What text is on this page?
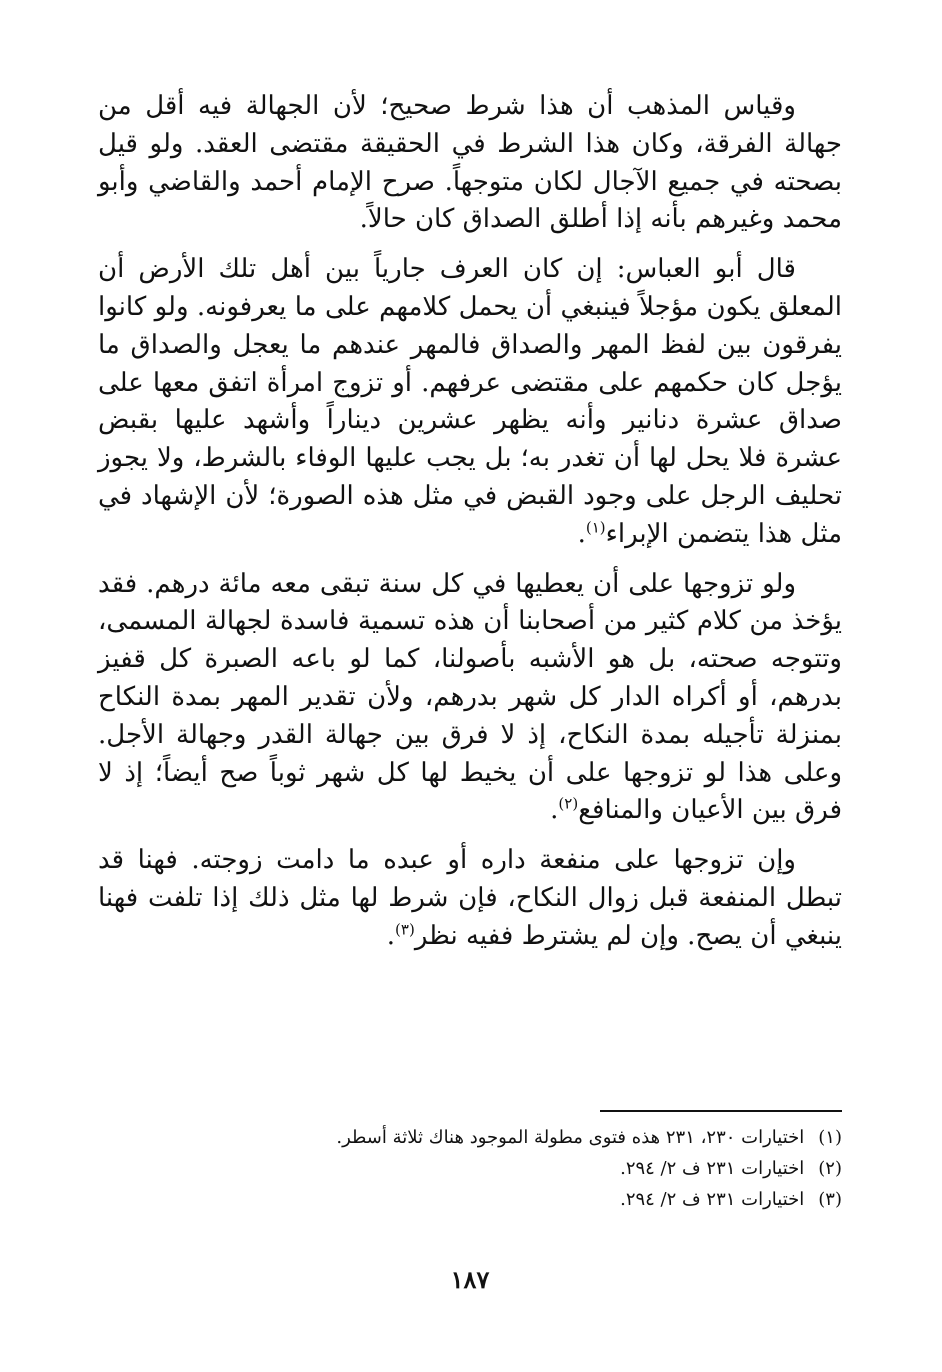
وقياس المذهب أن هذا شرط صحيح؛ لأن الجهالة فيه أقل من جهالة الفرقة، وكان هذا الشرط في الحقيقة مقتضى العقد. ولو قيل بصحته في جميع الآجال لكان متوجهاً. صرح الإمام أحمد والقاضي وأبو محمد وغيرهم بأنه إذا أطلق الصداق كان حالاً.

قال أبو العباس: إن كان العرف جارياً بين أهل تلك الأرض أن المعلق يكون مؤجلاً فينبغي أن يحمل كلامهم على ما يعرفونه. ولو كانوا يفرقون بين لفظ المهر والصداق فالمهر عندهم ما يعجل والصداق ما يؤجل كان حكمهم على مقتضى عرفهم. أو تزوج امرأة اتفق معها على صداق عشرة دنانير وأنه يظهر عشرين ديناراً وأشهد عليها بقبض عشرة فلا يحل لها أن تغدر به؛ بل يجب عليها الوفاء بالشرط، ولا يجوز تحليف الرجل على وجود القبض في مثل هذه الصورة؛ لأن الإشهاد في مثل هذا يتضمن الإبراء$^{(١)}$.

ولو تزوجها على أن يعطيها في كل سنة تبقى معه مائة درهم. فقد يؤخذ من كلام كثير من أصحابنا أن هذه تسمية فاسدة لجهالة المسمى، وتتوجه صحته، بل هو الأشبه بأصولنا، كما لو باعه الصبرة كل قفيز بدرهم، أو أكراه الدار كل شهر بدرهم، ولأن تقدير المهر بمدة النكاح بمنزلة تأجيله بمدة النكاح، إذ لا فرق بين جهالة القدر وجهالة الأجل. وعلى هذا لو تزوجها على أن يخيط لها كل شهر ثوباً صح أيضاً؛ إذ لا فرق بين الأعيان والمنافع$^{(٢)}$.

وإن تزوجها على منفعة داره أو عبده ما دامت زوجته. فهنا قد تبطل المنفعة قبل زوال النكاح، فإن شرط لها مثل ذلك إذا تلفت فهنا ينبغي أن يصح. وإن لم يشترط ففيه نظر$^{(٣)}$.

(١)اختيارات ٢٣٠، ٢٣١ هذه فتوى مطولة الموجود هناك ثلاثة أسطر.
(٢)اختيارات ٢٣١ ف ٢/ ٢٩٤.
(٣)اختيارات ٢٣١ ف ٢/ ٢٩٤.
١٨٧
